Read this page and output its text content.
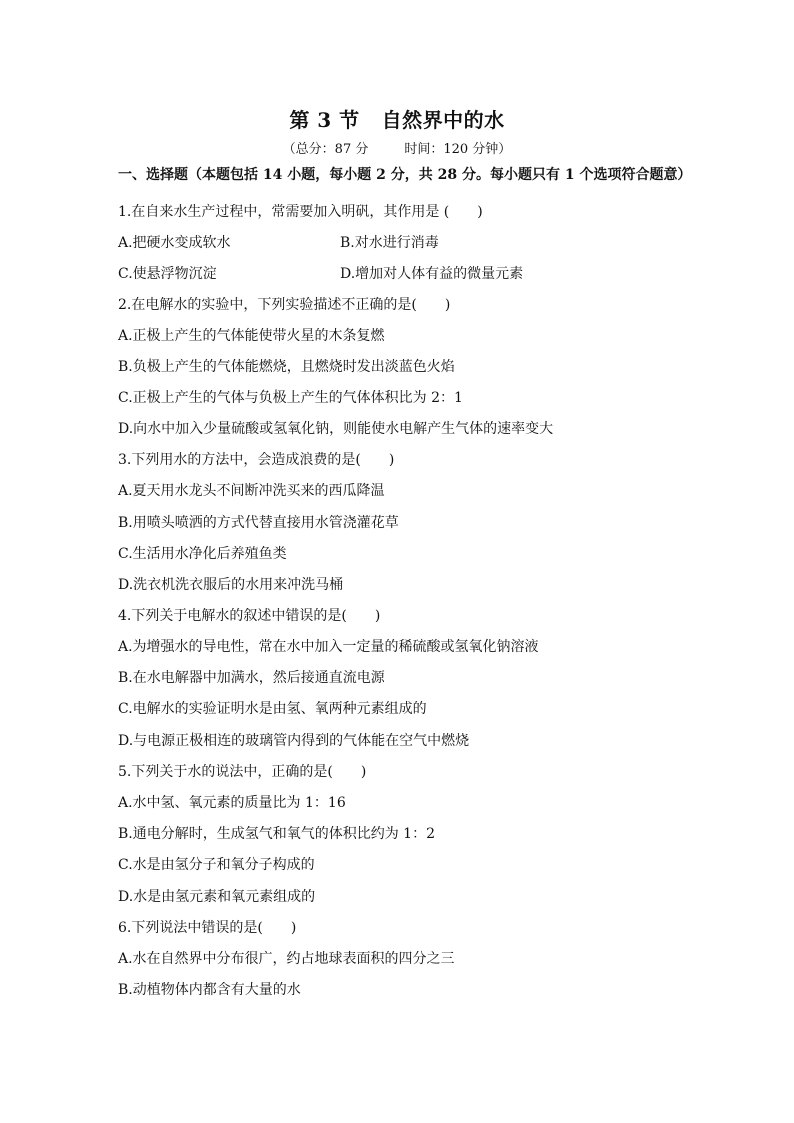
第 3 节 自然界中的水
（总分：87 分	时间：120 分钟）
一、选择题（本题包括 14 小题，每小题 2 分，共 28 分。每小题只有 1 个选项符合题意）
1.在自来水生产过程中，常需要加入明矾，其作用是 (　　)
A.把硬水变成软水	B.对水进行消毒
C.使悬浮物沉淀	D.增加对人体有益的微量元素
2.在电解水的实验中，下列实验描述不正确的是(　　)
A.正极上产生的气体能使带火星的木条复燃
B.负极上产生的气体能燃烧，且燃烧时发出淡蓝色火焰
C.正极上产生的气体与负极上产生的气体体积比为 2：1
D.向水中加入少量硫酸或氢氧化钠，则能使水电解产生气体的速率变大
3.下列用水的方法中，会造成浪费的是(　　)
A.夏天用水龙头不间断冲洗买来的西瓜降温
B.用喷头喷洒的方式代替直接用水管浇灌花草
C.生活用水净化后养殖鱼类
D.洗衣机洗衣服后的水用来冲洗马桶
4.下列关于电解水的叙述中错误的是(　　)
A.为增强水的导电性，常在水中加入一定量的稀硫酸或氢氧化钠溶液
B.在水电解器中加满水，然后接通直流电源
C.电解水的实验证明水是由氢、氧两种元素组成的
D.与电源正极相连的玻璃管内得到的气体能在空气中燃烧
5.下列关于水的说法中，正确的是(　　)
A.水中氢、氧元素的质量比为 1：16
B.通电分解时，生成氢气和氧气的体积比约为 1：2
C.水是由氢分子和氧分子构成的
D.水是由氢元素和氧元素组成的
6.下列说法中错误的是(　　)
A.水在自然界中分布很广，约占地球表面积的四分之三
B.动植物体内都含有大量的水
